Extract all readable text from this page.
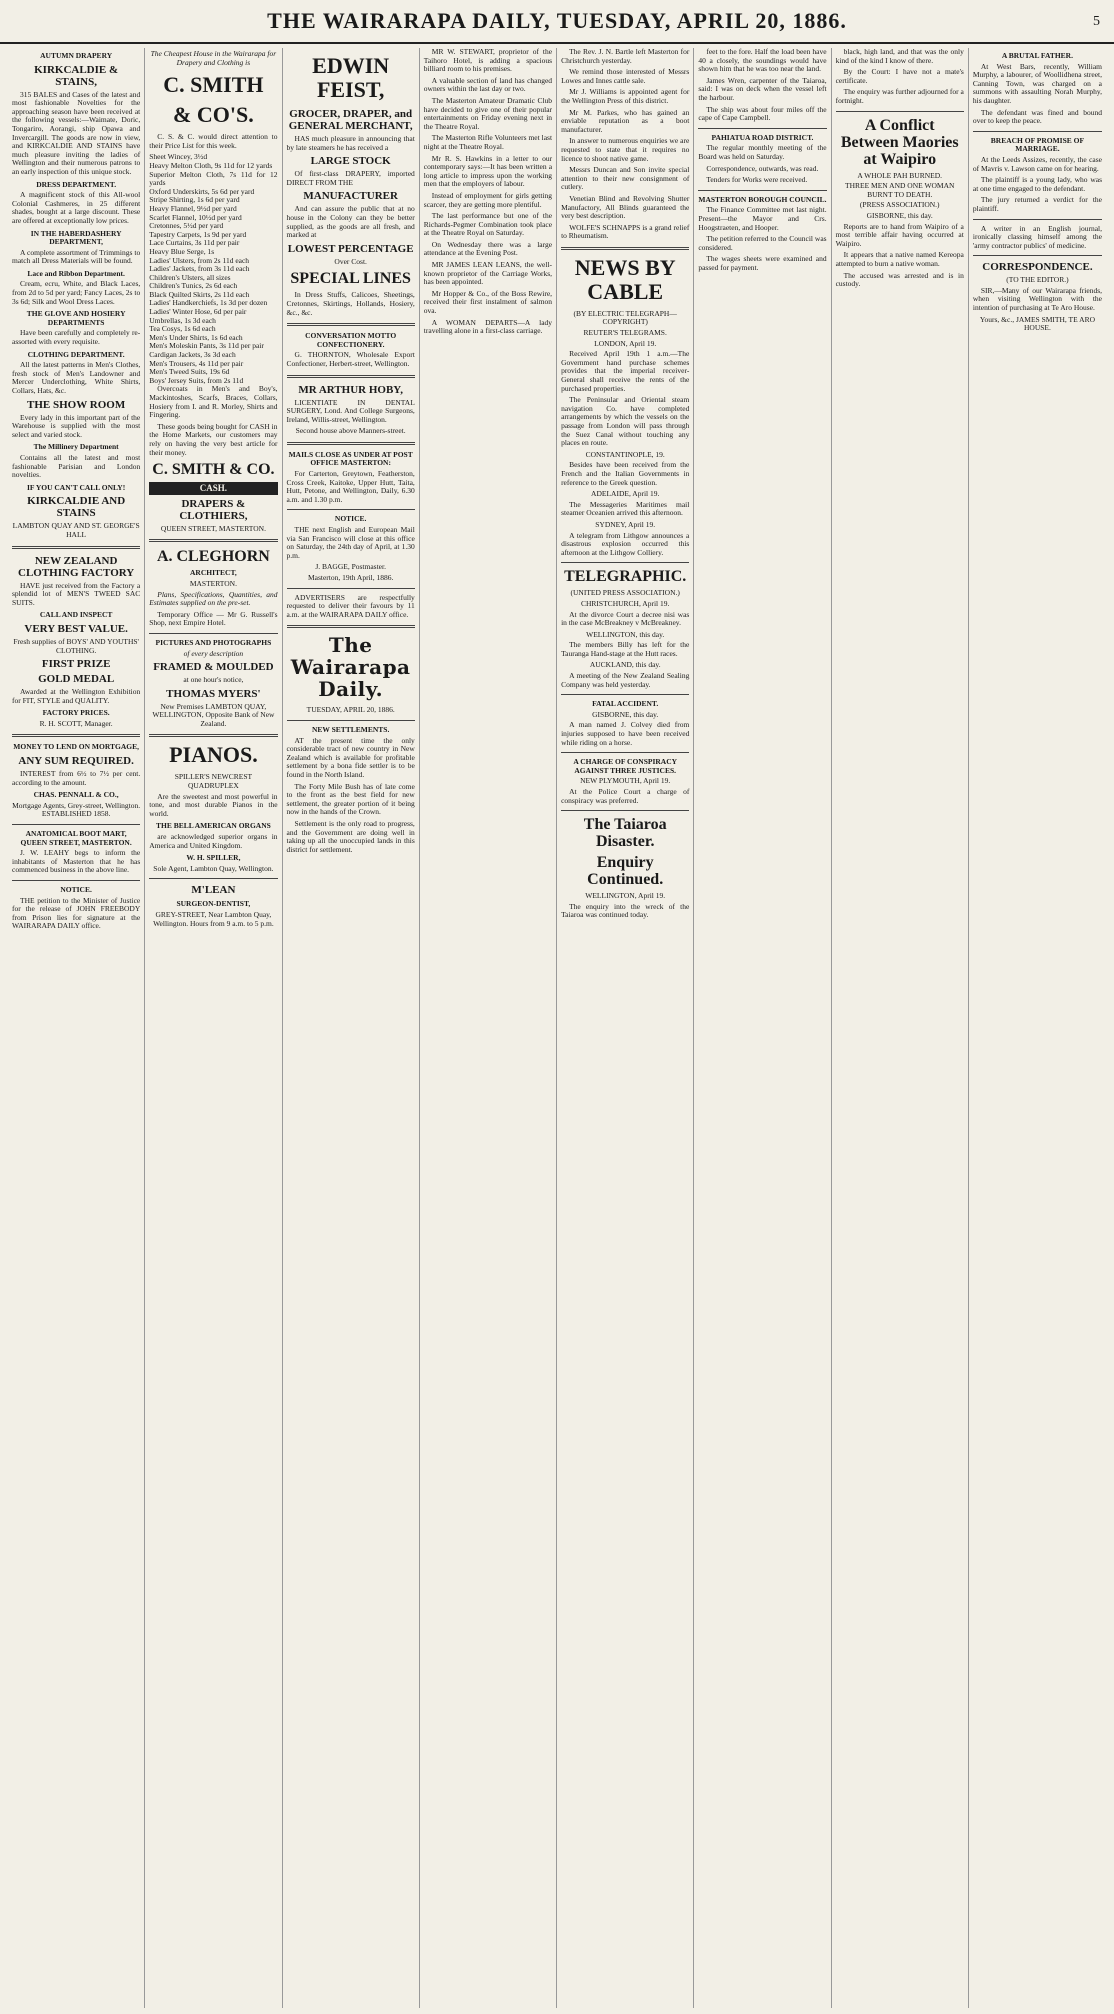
THE WAIRARAPA DAILY, TUESDAY, APRIL 20, 1886.	5
AUTUMN DRAPERY
KIRKCALDIE & STAINS,

315 BALES and Cases of the latest and most fashionable Novelties for the approaching season have been received at the following vessels:—Waimate, Doric, Tongariro, Aorangi, ship Opawa and Invercargill. The goods are now in view, and KIRKCALDIE AND STAINS have much pleasure inviting the ladies of Wellington and their numerous patrons to an early inspection of this unique stock.

DRESS DEPARTMENT.

A magnificent stock of this All-wool Colonial Cashmeres, in 25 different shades, bought at a large discount. These are offered at exceptionally low prices.

IN THE HABERDASHERY DEPARTMENT,

A complete assortment of Trimmings to match all Dress Materials will be found.

Lace and Ribbon Department.

Cream, ecru, White, and Black Laces, from 2d to 5d per yard; Fancy Laces, 2s to 3s 6d; Silk and Wool Dress Laces.

THE GLOVE AND HOSIERY DEPARTMENTS

Have been carefully and completely re-assorted with every requisite.

CLOTHING DEPARTMENT.

All the latest patterns in Men's Clothes, fresh stock of Men's Landowner and Mercer Underclothing, White Shirts, Collars, Hats, &c.

THE SHOW ROOM

Every lady in this important part of the Warehouse is supplied with the most select and varied stock.

The Millinery Department

Contains all the latest and most fashionable Parisian and London novelties.

IF YOU CAN'T CALL ONLY!
KIRKCALDIE AND STAINS
LAMBTON QUAY AND ST. GEORGE'S HALL
NEW ZEALAND CLOTHING FACTORY

HAVE just received from the Factory a splendid lot of MEN'S TWEED SAC SUITS.

CALL AND INSPECT
VERY BEST VALUE.
Fresh supplies of BOYS' AND YOUTHS' CLOTHING.
FIRST PRIZE
GOLD MEDAL

Awarded at the Wellington Exhibition for FIT, STYLE and QUALITY.

FACTORY PRICES.
R. H. SCOTT, Manager.
MONEY TO LEND ON MORTGAGE,
ANY SUM REQUIRED.

INTEREST from 6½ to 7½ per cent. according to the amount.

CHAS. PENNALL & CO.,
Mortgage Agents, Grey-street, Wellington. ESTABLISHED 1858.
ANATOMICAL BOOT MART, QUEEN STREET, MASTERTON.

J. W. LEAHY begs to inform the inhabitants of Masterton that he has commenced business in the above line.

NOTICE.

THE petition to the Minister of Justice for the release of JOHN FREEBODY from Prison lies for signature at the WAIRARAPA DAILY office.

The Cheapest House in the Wairarapa for Drapery and Clothing is
C. SMITH
& CO'S.

C. S. & C. would direct attention to their Price List for this week.

Sheet Wincey, 3½d
Heavy Melton Cloth, 9s 11d for 12 yards
Superior Melton Cloth, 7s 11d for 12 yards
Oxford Underskirts, 5s 6d per yard
Stripe Shirting, 1s 6d per yard
Heavy Flannel, 9½d per yard
Scarlet Flannel, 10½d per yard
Cretonnes, 5½d per yard
Tapestry Carpets, 1s 9d per yard
Lace Curtains, 3s 11d per pair
Heavy Blue Serge, 1s
Ladies' Ulsters, from 2s 11d each
Ladies' Jackets, from 3s 11d each
Children's Ulsters, all sizes
Children's Tunics, 2s 6d each
Black Quilted Skirts, 2s 11d each
Ladies' Handkerchiefs, 1s 3d per dozen
Ladies' Winter Hose, 6d per pair
Umbrellas, 1s 3d each
Tea Cosys, 1s 6d each
Men's Under Shirts, 1s 6d each
Men's Moleskin Pants, 3s 11d per pair
Cardigan Jackets, 3s 3d each
Men's Trousers, 4s 11d per pair
Men's Tweed Suits, 19s 6d
Boys' Jersey Suits, from 2s 11d

Overcoats in Men's and Boy's, Mackintoshes, Scarfs, Braces, Collars, Hosiery from I. and R. Morley, Shirts and Fingering.

These goods being bought for CASH in the Home Markets, our customers may rely on having the very best article for their money.

C. SMITH & CO.
CASH.
DRAPERS & CLOTHIERS,
QUEEN STREET, MASTERTON.
A. CLEGHORN
ARCHITECT,
MASTERTON.

Plans, Specifications, Quantities, and Estimates supplied on the pre-set.

Temporary Office — Mr G. Russell's Shop, next Empire Hotel.

PICTURES AND PHOTOGRAPHS
of every description
FRAMED & MOULDED
at one hour's notice,
THOMAS MYERS'
New Premises LAMBTON QUAY, WELLINGTON, Opposite Bank of New Zealand.
PIANOS.
SPILLER'S NEWCREST QUADRUPLEX

Are the sweetest and most powerful in tone, and most durable Pianos in the world.

THE BELL AMERICAN ORGANS

are acknowledged superior organs in America and United Kingdom.

W. H. SPILLER,
Sole Agent, Lambton Quay, Wellington.
M'LEAN
SURGEON-DENTIST,
GREY-STREET, Near Lambton Quay, Wellington. Hours from 9 a.m. to 5 p.m.
EDWIN FEIST,
GROCER, DRAPER, and GENERAL MERCHANT,

HAS much pleasure in announcing that by late steamers he has received a

LARGE STOCK

Of first-class DRAPERY, imported DIRECT FROM THE

MANUFACTURER

And can assure the public that at no house in the Colony can they be better supplied, as the goods are all fresh, and marked at

LOWEST PERCENTAGE
Over Cost.
SPECIAL LINES

In Dress Stuffs, Calicoes, Sheetings, Cretonnes, Skirtings, Hollands, Hosiery, &c., &c.

CONVERSATION MOTTO CONFECTIONERY.

G. THORNTON, Wholesale Export Confectioner, Herbert-street, Wellington.

MR ARTHUR HOBY,

LICENTIATE IN DENTAL SURGERY, Lond. And College Surgeons, Ireland, Willis-street, Wellington.

Second house above Manners-street.
MAILS CLOSE AS UNDER AT POST OFFICE MASTERTON:

For Carterton, Greytown, Featherston, Cross Creek, Kaitoke, Upper Hutt, Taita, Hutt, Petone, and Wellington, Daily, 6.30 a.m. and 1.30 p.m.

NOTICE.

THE next English and European Mail via San Francisco will close at this office on Saturday, the 24th day of April, at 1.30 p.m.

J. BAGGE, Postmaster.
Masterton, 19th April, 1886.

ADVERTISERS are respectfully requested to deliver their favours by 11 a.m. at the WAIRARAPA DAILY office.

The Wairarapa Daily.
TUESDAY, APRIL 20, 1886.
NEW SETTLEMENTS.

AT the present time the only considerable tract of new country in New Zealand which is available for profitable settlement by a bona fide settler is to be found in the North Island.

The Forty Mile Bush has of late come to the front as the best field for new settlement, the greater portion of it being now in the hands of the Crown.

Settlement is the only road to progress, and the Government are doing well in taking up all the unoccupied lands in this district for settlement.

MR W. STEWART, proprietor of the Taihoro Hotel, is adding a spacious billiard room to his premises.

A valuable section of land has changed owners within the last day or two.

The Masterton Amateur Dramatic Club have decided to give one of their popular entertainments on Friday evening next in the Theatre Royal.

The Masterton Rifle Volunteers met last night at the Theatre Royal.

Mr R. S. Hawkins in a letter to our contemporary says:—It has been written a long article to impress upon the working men that the employers of labour.

Instead of employment for girls getting scarcer, they are getting more plentiful.

The last performance but one of the Richards-Pegmer Combination took place at the Theatre Royal on Saturday.

On Wednesday there was a large attendance at the Evening Post.

MR JAMES LEAN LEANS, the well-known proprietor of the Carriage Works, has been appointed.

Mr Hopper & Co., of the Boss Rewire, received their first instalment of salmon ova.

A WOMAN DEPARTS—A lady travelling alone in a first-class carriage.

The Rev. J. N. Bartle left Masterton for Christchurch yesterday.

We remind those interested of Messrs Lowes and Innes cattle sale.

Mr J. Williams is appointed agent for the Wellington Press of this district.

Mr M. Parkes, who has gained an enviable reputation as a boot manufacturer.

In answer to numerous enquiries we are requested to state that it requires no licence to shoot native game.

Messrs Duncan and Son invite special attention to their new consignment of cutlery.

Venetian Blind and Revolving Shutter Manufactory, All Blinds guaranteed the very best description.

WOLFE'S SCHNAPPS is a grand relief to Rheumatism.

NEWS BY CABLE
(BY ELECTRIC TELEGRAPH—COPYRIGHT)
REUTER'S TELEGRAMS.
LONDON, April 19.

Received April 19th 1 a.m.—The Government hand purchase schemes provides that the imperial receiver-General shall receive the rents of the purchased properties.

The Peninsular and Oriental steam navigation Co. have completed arrangements by which the vessels on the passage from London will pass through the Suez Canal without touching any places en route.

CONSTANTINOPLE, 19.

Besides have been received from the French and the Italian Governments in reference to the Greek question.

ADELAIDE, April 19.

The Messageries Maritimes mail steamer Oceanien arrived this afternoon.

SYDNEY, April 19.

A telegram from Lithgow announces a disastrous explosion occurred this afternoon at the Lithgow Colliery.

TELEGRAPHIC.
(UNITED PRESS ASSOCIATION.)
CHRISTCHURCH, April 19.

At the divorce Court a decree nisi was in the case McBreakney v McBreakney.

WELLINGTON, this day.

The members Billy has left for the Tauranga Hand-stage at the Hutt races.

AUCKLAND, this day.

A meeting of the New Zealand Sealing Company was held yesterday.

FATAL ACCIDENT.
GISBORNE, this day.

A man named J. Colvey died from injuries supposed to have been received while riding on a horse.

A CHARGE OF CONSPIRACY AGAINST THREE JUSTICES.
NEW PLYMOUTH, April 19.

At the Police Court a charge of conspiracy was preferred.

The Taiaroa Disaster.
Enquiry Continued.
WELLINGTON, April 19.

The enquiry into the wreck of the Taiaroa was continued today.

feet to the fore. Half the load been have 40 a closely, the soundings would have shown him that he was too near the land.

James Wren, carpenter of the Taiaroa, said: I was on deck when the vessel left the harbour.

The ship was about four miles off the cape of Cape Campbell.

PAHIATUA ROAD DISTRICT.

The regular monthly meeting of the Board was held on Saturday.

Correspondence, outwards, was read.

Tenders for Works were received.

MASTERTON BOROUGH COUNCIL.

The Finance Committee met last night. Present—the Mayor and Crs. Hoogstraeten, and Hooper.

The petition referred to the Council was considered.

The wages sheets were examined and passed for payment.

black, high land, and that was the only kind of the kind I know of there.

By the Court: I have not a mate's certificate.

The enquiry was further adjourned for a fortnight.

A Conflict Between Maories at Waipiro
A WHOLE PAH BURNED.
THREE MEN AND ONE WOMAN BURNT TO DEATH.
(PRESS ASSOCIATION.)
GISBORNE, this day.

Reports are to hand from Waipiro of a most terrible affair having occurred at Waipiro.

It appears that a native named Kereopa attempted to burn a native woman.

The accused was arrested and is in custody.

A BRUTAL FATHER.

At West Bars, recently, William Murphy, a labourer, of Woollidhena street, Canning Town, was charged on a summons with assaulting Norah Murphy, his daughter.

The defendant was fined and bound over to keep the peace.

BREACH OF PROMISE OF MARRIAGE.

At the Leeds Assizes, recently, the case of Mavris v. Lawson came on for hearing.

The plaintiff is a young lady, who was at one time engaged to the defendant.

The jury returned a verdict for the plaintiff.

A writer in an English journal, ironically classing himself among the 'army contractor publics' of medicine.

CORRESPONDENCE.
(TO THE EDITOR.)

SIR,—Many of our Wairarapa friends, when visiting Wellington with the intention of purchasing at Te Aro House.

Yours, &c., JAMES SMITH, TE ARO HOUSE.
